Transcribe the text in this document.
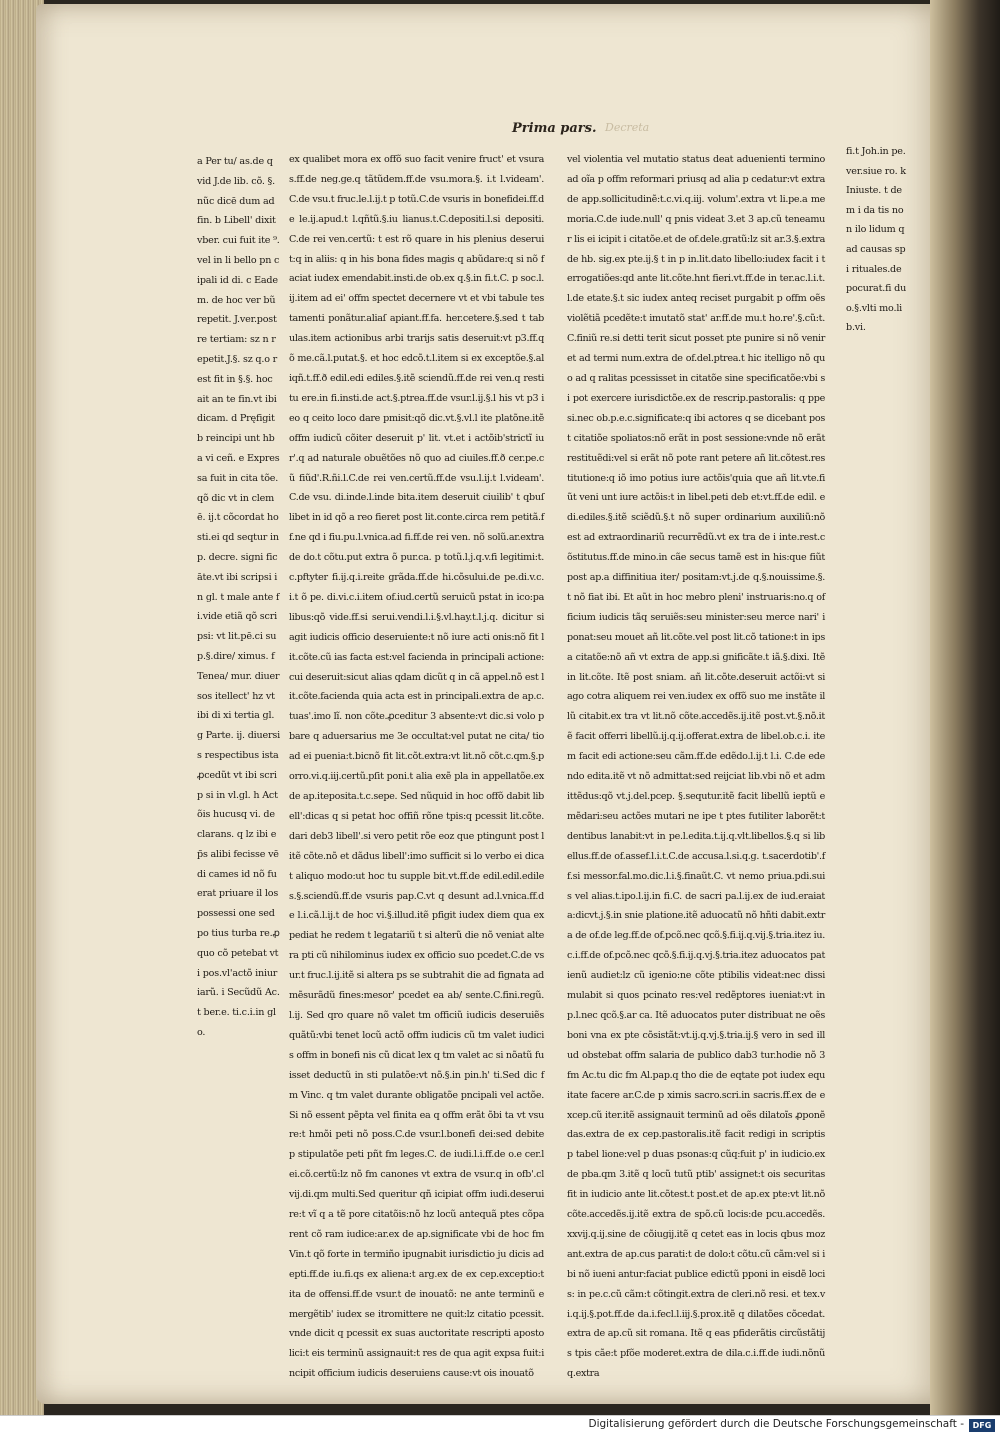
Prima pars. Decreta

a Per tu/ as.de q vid J.de lib. cõ. §.nũc dicē dum ad fin. b Libell' dixit vber. cui fuit ite ⁹.vel in li bello pn cipali id di. c Eadem. de hoc ver bũ repetit. J.ver.post re tertiam: sz n repetit.J.§. sz q.o rest fit in §.§. hoc ait an te fin.vt ibi dicam. d Pręfigit b reincipi unt hba vi ceñ. e Expressa fuit in cita tõe. qõ dic vt in clemē. ij.t cõcordat hosti.ei qd seqtur in p. decre. signi ficāte.vt ibi scripsi in gl. t male ante fi.vide etiã qõ scripsi: vt lit.pē.ci sup.§.dire/ ximus. f Tenea/ mur. diuer sos itellect' hz vt ibi di xi tertia gl. g Parte. ij. diuersis respectibus ista ꝓcedũt vt ibi scrip si in vl.gl. h Actõis hucusq vi. declarans. q lz ibi ep̃s alibi fecisse vēdi cames id nõ fuerat priuare il los possessi one sed po tius turba re.ꝓ quo cõ petebat vti pos.vl'actõ iniuriarũ. i Secũdũ Ac.t ber.e. ti.c.i.in glo.

ex qualibet mora ex offõ suo facit venire fruct' et vsuras.ff.de neg.ge.q tãtũdem.ff.de vsu.mora.§. i.t l.videam'.C.de vsu.t fruc.le.l.ij.t p totũ.C.de vsuris in bonefidei.ff.de le.ij.apud.t l.qñtũ.§.iu lianus.t.C.depositi.l.si depositi.C.de rei ven.certũ: t est rõ quare in his plenius deseruit:q in aliis: q in his bona fides magis q abũdare:q si nõ faciat iudex emendabit.insti.de ob.ex q.§.in fi.t.C. p soc.l.ij.item ad ei' offm spectet decernere vt et vbi tabule testamenti ponãtur.aliaſ apiant.ff.fa. her.cetere.§.sed t tabulas.item actionibus arbi trarijs satis deseruit:vt p3.ff.qõ me.cã.l.putat.§. et hoc edcõ.t.l.item si ex exceptõe.§.aliqñ.t.ff.ð edil.edi ediles.§.itẽ sciendũ.ff.de rei ven.q restitu ere.in fi.insti.de act.§.ptrea.ff.de vsur.l.ij.§.l his vt p3 i eo q ceito loco dare pmisit:qõ dic.vt.§.vl.l ite platõne.itẽ offm iudicũ cõiter deseruit p' lit. vt.et i actõib'strictĩ iur'.q ad naturale obuẽtões nõ quo ad ciuiles.ff.ð cer.pe.cũ fiũd'.R.ñi.l.C.de rei ven.certũ.ff.de vsu.l.ij.t l.videam'.C.de vsu. di.inde.l.inde bita.item deseruit ciuilib' t qbuſ libet in id qõ a reo fieret post lit.conte.circa rem petitã.ff.ne qd i fiu.pu.l.vnica.ad fi.ff.de rei ven. nõ solũ.ar.extra de do.t cõtu.put extra õ pur.ca. p totũ.l.j.q.v.fi legitimi:t.c.pftyter fi.ij.q.i.reite grãda.ff.de hi.cõsului.de pe.di.v.c.i.t õ pe. di.vi.c.i.item of.iud.certũ seruicũ pstat in ico:pa libus:qõ vide.ff.si serui.vendi.l.i.§.vl.hay.t.l.j.q. dicitur si agit iudicis officio deseruiente:t nõ iure acti onis:nõ fit lit.cõte.cũ ias facta est:vel facienda in principali actione:cui deseruit:sicut alias qdam dicũt q in cã appel.nõ est lit.cõte.facienda quia acta est in principali.extra de ap.c.tuas'.imo lĩ. non cõte.ꝓceditur 3 absente:vt dic.si volo pbare q aduersarius me 3e occultat:vel putat ne cita/ tio ad ei puenia:t.bicnõ fit lit.cõt.extra:vt lit.nõ cõt.c.qm.§.porro.vi.q.iij.certũ.pſit poni.t alia exẽ pla in appellatõe.ex de ap.iteposita.t.c.sepe. Sed nũquid in hoc offõ dabit libell':dicas q si petat hoc offiñ rõne tpis:q pcessit lit.cõte.dari deb3 libell'.si vero petit rõe eoz que ptingunt post litẽ cõte.nõ et dãdus libell':imo sufficit si lo verbo ei dicat aliquo modo:ut hoc tu supple bit.vt.ff.de edil.edil.ediles.§.sciendũ.ff.de vsuris pap.C.vt q desunt ad.l.vnica.ff.de l.i.cã.l.ij.t de hoc vi.§.illud.itẽ pfigit iudex diem qua expediat he redem t legatariũ t si alterũ die nõ veniat altera pti cũ nihilominus iudex ex officio suo pcedet.C.de vsur.t fruc.l.ij.itẽ si altera ps se subtrahit die ad fignata ad mẽsurãdũ fines:mesor' pcedet ea ab/ sente.C.fini.regũ.l.ij. Sed qro quare nõ valet tm officiũ iudicis deseruiẽs quãtũ:vbi tenet locũ actõ offm iudicis cũ tm valet iudicis offm in bonefi nis cũ dicat lex q tm valet ac si nõatũ fuisset deductũ in sti pulatõe:vt nõ.§.in pin.h' ti.Sed dic fm Vinc. q tm valet durante obligatõe pncipali vel actõe. Si nõ essent pẽpta vel finita ea q offm erãt õbi ta vt vsure:t hmõi peti nõ poss.C.de vsur.l.bonefi dei:sed debite p stipulatõe peti pñt fm leges.C. de iudi.l.i.ff.de o.e cer.lei.cõ.certũ:lz nõ fm canones vt extra de vsur.q in ofb'.clvij.di.qm multi.Sed queritur qñ icipiat offm iudi.deseruire:t vĩ q a tẽ pore citatõis:nõ hz locũ antequã ptes cõparent cõ ram iudice:ar.ex de ap.significate vbi de hoc fm Vin.t qõ forte in termiño ipugnabit iurisdictio ju dicis adepti.ff.de iu.fi.qs ex aliena:t arg.ex de ex cep.exceptio:t ita de offensi.ff.de vsur.t de inouatõ: ne ante terminũ emergẽtib' iudex se itromittere ne quit:lz citatio pcessit.vnde dicit q pcessit ex suas auctoritate rescripti apostolici:t eis terminũ assignauit:t res de qua agit expsa fuit:incipit officium iudicis deseruiens cause:vt ois inouatõ

vel violentia vel mutatio status deat aduenienti termino ad oĩa p offm reformari priusq ad alia p cedatur:vt extra de app.sollicitudinẽ:t.c.vi.q.iij. volum'.extra vt li.pe.a memoria.C.de iude.null' q pnis videat 3.et 3 ap.cũ teneamur lis ei icipit i citatõe.et de of.dele.gratũ:lz sit ar.3.§.extra de hb. sig.ex pte.ij.§ t in p in.lit.dato libello:iudex facit i terrogatiões:qd ante lit.cõte.hnt fieri.vt.ff.de in ter.ac.l.i.t.l.de etate.§.t sic iudex anteq reciset purgabit p offm oẽs violẽtiã pcedẽte:t imutatõ stat' ar.ff.de mu.t ho.re'.§.cũ:t.C.finiũ re.si detti terit sicut posset pte punire si nõ veniret ad termi num.extra de of.del.ptrea.t hic itelligo nõ quo ad q ralitas pcessisset in citatõe sine specificatõe:vbi si pot exercere iurisdictõe.ex de rescrip.pastoralis: q ppe si.nec ob.p.e.c.significate:q ibi actores q se dicebant post citatiõe spoliatos:nõ erãt in post sessione:vnde nõ erãt restituẽdi:vel si erãt nõ pote rant petere añ lit.cõtest.restitutione:q iõ imo potius iure actõis'quia que añ lit.vte.fiũt veni unt iure actõis:t in libel.peti deb et:vt.ff.de edil. edi.ediles.§.itẽ sciẽdũ.§.t nõ super ordinarium auxiliũ:nõ est ad extraordinariũ recurrẽdũ.vt ex tra de i inte.rest.cõstitutus.ff.de mino.in cãe secus tamẽ est in his:que fiũt post ap.a diffinitiua iter/ positam:vt.j.de q.§.nouissime.§.t nõ fiat ibi. Et aũt in hoc mebro pleni' instruaris:no.q of ficium iudicis tãq seruiẽs:seu minister:seu merce nari' iponat:seu mouet añ lit.cõte.vel post lit.cõ tatione:t in ipsa citatõe:nõ añ vt extra de app.si gnificãte.t iã.§.dixi. Itẽ in lit.cõte. Itẽ post sniam. añ lit.cõte.deseruit actõi:vt si ago cotra aliquem rei ven.iudex ex offõ suo me instãte illũ citabit.ex tra vt lit.nõ cõte.accedẽs.ij.itẽ post.vt.§.nõ.itẽ facit offerri libellũ.ij.q.ij.offerat.extra de libel.ob.c.i. item facit edi actione:seu cãm.ff.de edẽdo.l.ij.t l.i. C.de edendo edita.itẽ vt nõ admittat:sed reijciat lib.vbi nõ et admittẽdus:qõ vt.j.del.pcep. §.sequtur.itẽ facit libellũ ieptũ emẽdari:seu actões mutari ne ipe t ptes futiliter laborẽt:t dentibus lanabit:vt in pe.l.edita.t.ij.q.vlt.libellos.§.q si libellus.ff.de of.assef.l.i.t.C.de accusa.l.si.q.g. t.sacerdotib'.ff.si messor.fal.mo.dic.l.i.§.finaũt.C. vt nemo priua.pdi.suis vel alias.t.ipo.l.ij.in fi.C. de sacri pa.l.ij.ex de iud.eraiata:dicvt.j.§.in snie platione.itẽ aduocatũ nõ hñti dabit.extra de of.de leg.ff.de of.pcõ.nec qcõ.§.fi.ij.q.vij.§.tria.itez iu.c.i.ff.de of.pcõ.nec qcõ.§.fi.ij.q.vj.§.tria.itez aduocatos patienũ audiet:lz cũ igenio:ne cõte ptibilis videat:nec dissimulabit si quos pcinato res:vel redẽptores iueniat:vt in p.l.nec qcõ.§.ar ca. Itẽ aduocatos puter distribuat ne oẽs boni vna ex pte cõsistãt:vt.ij.q.vj.§.tria.ij.§ vero in sed illud obstebat offm salaria de publico dab3 tur.hodie nõ 3 fm Ac.tu dic fm Al.pap.q tho die de eqtate pot iudex equitate facere ar.C.de p ximis sacro.scri.in sacris.ff.ex de excep.cũ iter.itẽ assignauit terminũ ad oẽs dilatoĩs ꝓponẽdas.extra de ex cep.pastoralis.itẽ facit redigi in scriptis p tabel lione:vel p duas psonas:q cũq:fuit p' in iudicio.ex de pba.qm 3.itẽ q locũ tutũ ptib' assignet:t ois securitas fit in iudicio ante lit.cõtest.t post.et de ap.ex pte:vt lit.nõ cõte.accedẽs.ij.itẽ extra de spõ.cũ locis:de pcu.accedẽs.xxvij.q.ij.sine de cõiugij.itẽ q cetet eas in locis qbus mozant.extra de ap.cus parati:t de dolo:t cõtu.cũ cãm:vel si ibi nõ iueni antur:faciat publice edictũ pponi in eisdẽ locis: in pe.c.cũ cãm:t cõtingit.extra de cleri.nõ resi. et tex.vi.q.ij.§.pot.ff.de da.i.fecl.l.iij.§.prox.itẽ q dilatões cõcedat.extra de ap.cũ sit romana. Itẽ q eas pfiderãtis circũstãtijs tpis cãe:t pfõe moderet.extra de dila.c.i.ff.de iudi.nõnũq.extra

fi.t Joh.in pe.ver.siue ro. k Iniuste. t dem i da tis non ilo lidum q ad causas spi rituales.de pocurat.fi duo.§.vlti mo.lib.vi.

Digitalisierung gefördert durch die Deutsche Forschungsgemeinschaft -	DFG
